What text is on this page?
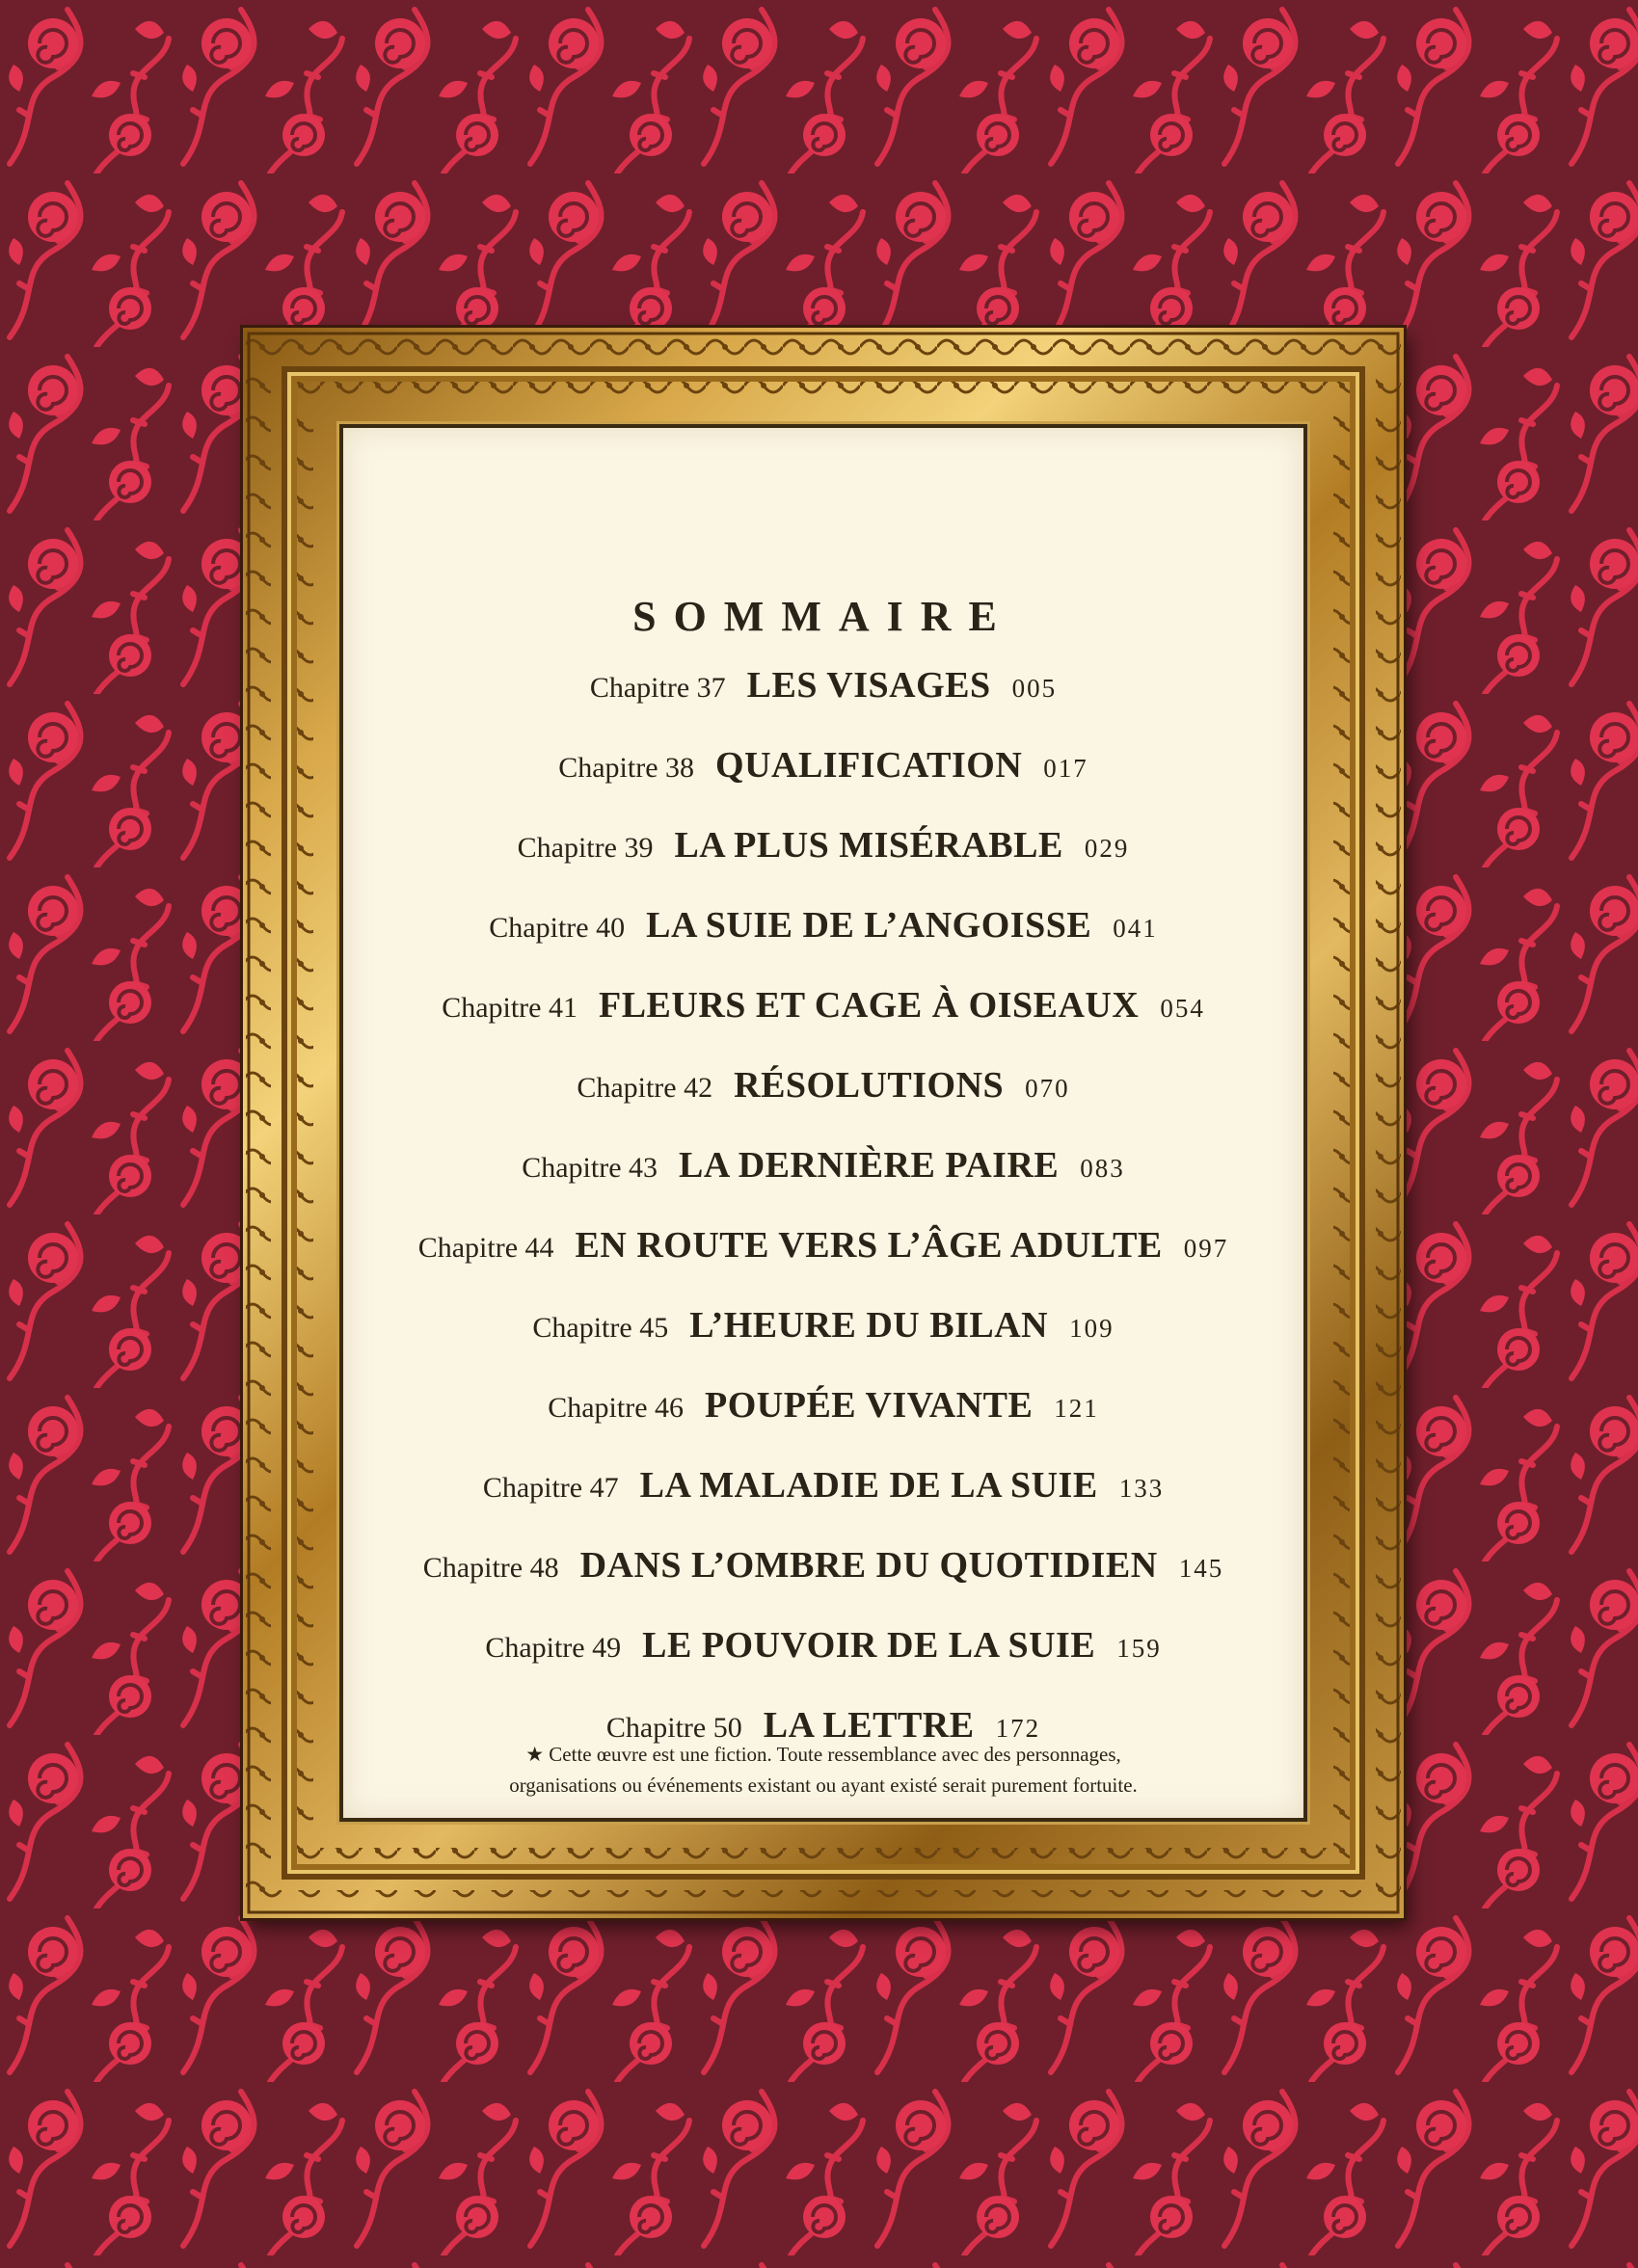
SOMMAIRE
Chapitre 37 LES VISAGES 005
Chapitre 38 QUALIFICATION 017
Chapitre 39 LA PLUS MISÉRABLE 029
Chapitre 40 LA SUIE DE L’ANGOISSE 041
Chapitre 41 FLEURS ET CAGE À OISEAUX 054
Chapitre 42 RÉSOLUTIONS 070
Chapitre 43 LA DERNIÈRE PAIRE 083
Chapitre 44 EN ROUTE VERS L’ÂGE ADULTE 097
Chapitre 45 L’HEURE DU BILAN 109
Chapitre 46 POUPÉE VIVANTE 121
Chapitre 47 LA MALADIE DE LA SUIE 133
Chapitre 48 DANS L’OMBRE DU QUOTIDIEN 145
Chapitre 49 LE POUVOIR DE LA SUIE 159
Chapitre 50 LA LETTRE 172
★ Cette œuvre est une fiction. Toute ressemblance avec des personnages,
organisations ou événements existant ou ayant existé serait purement fortuite.
